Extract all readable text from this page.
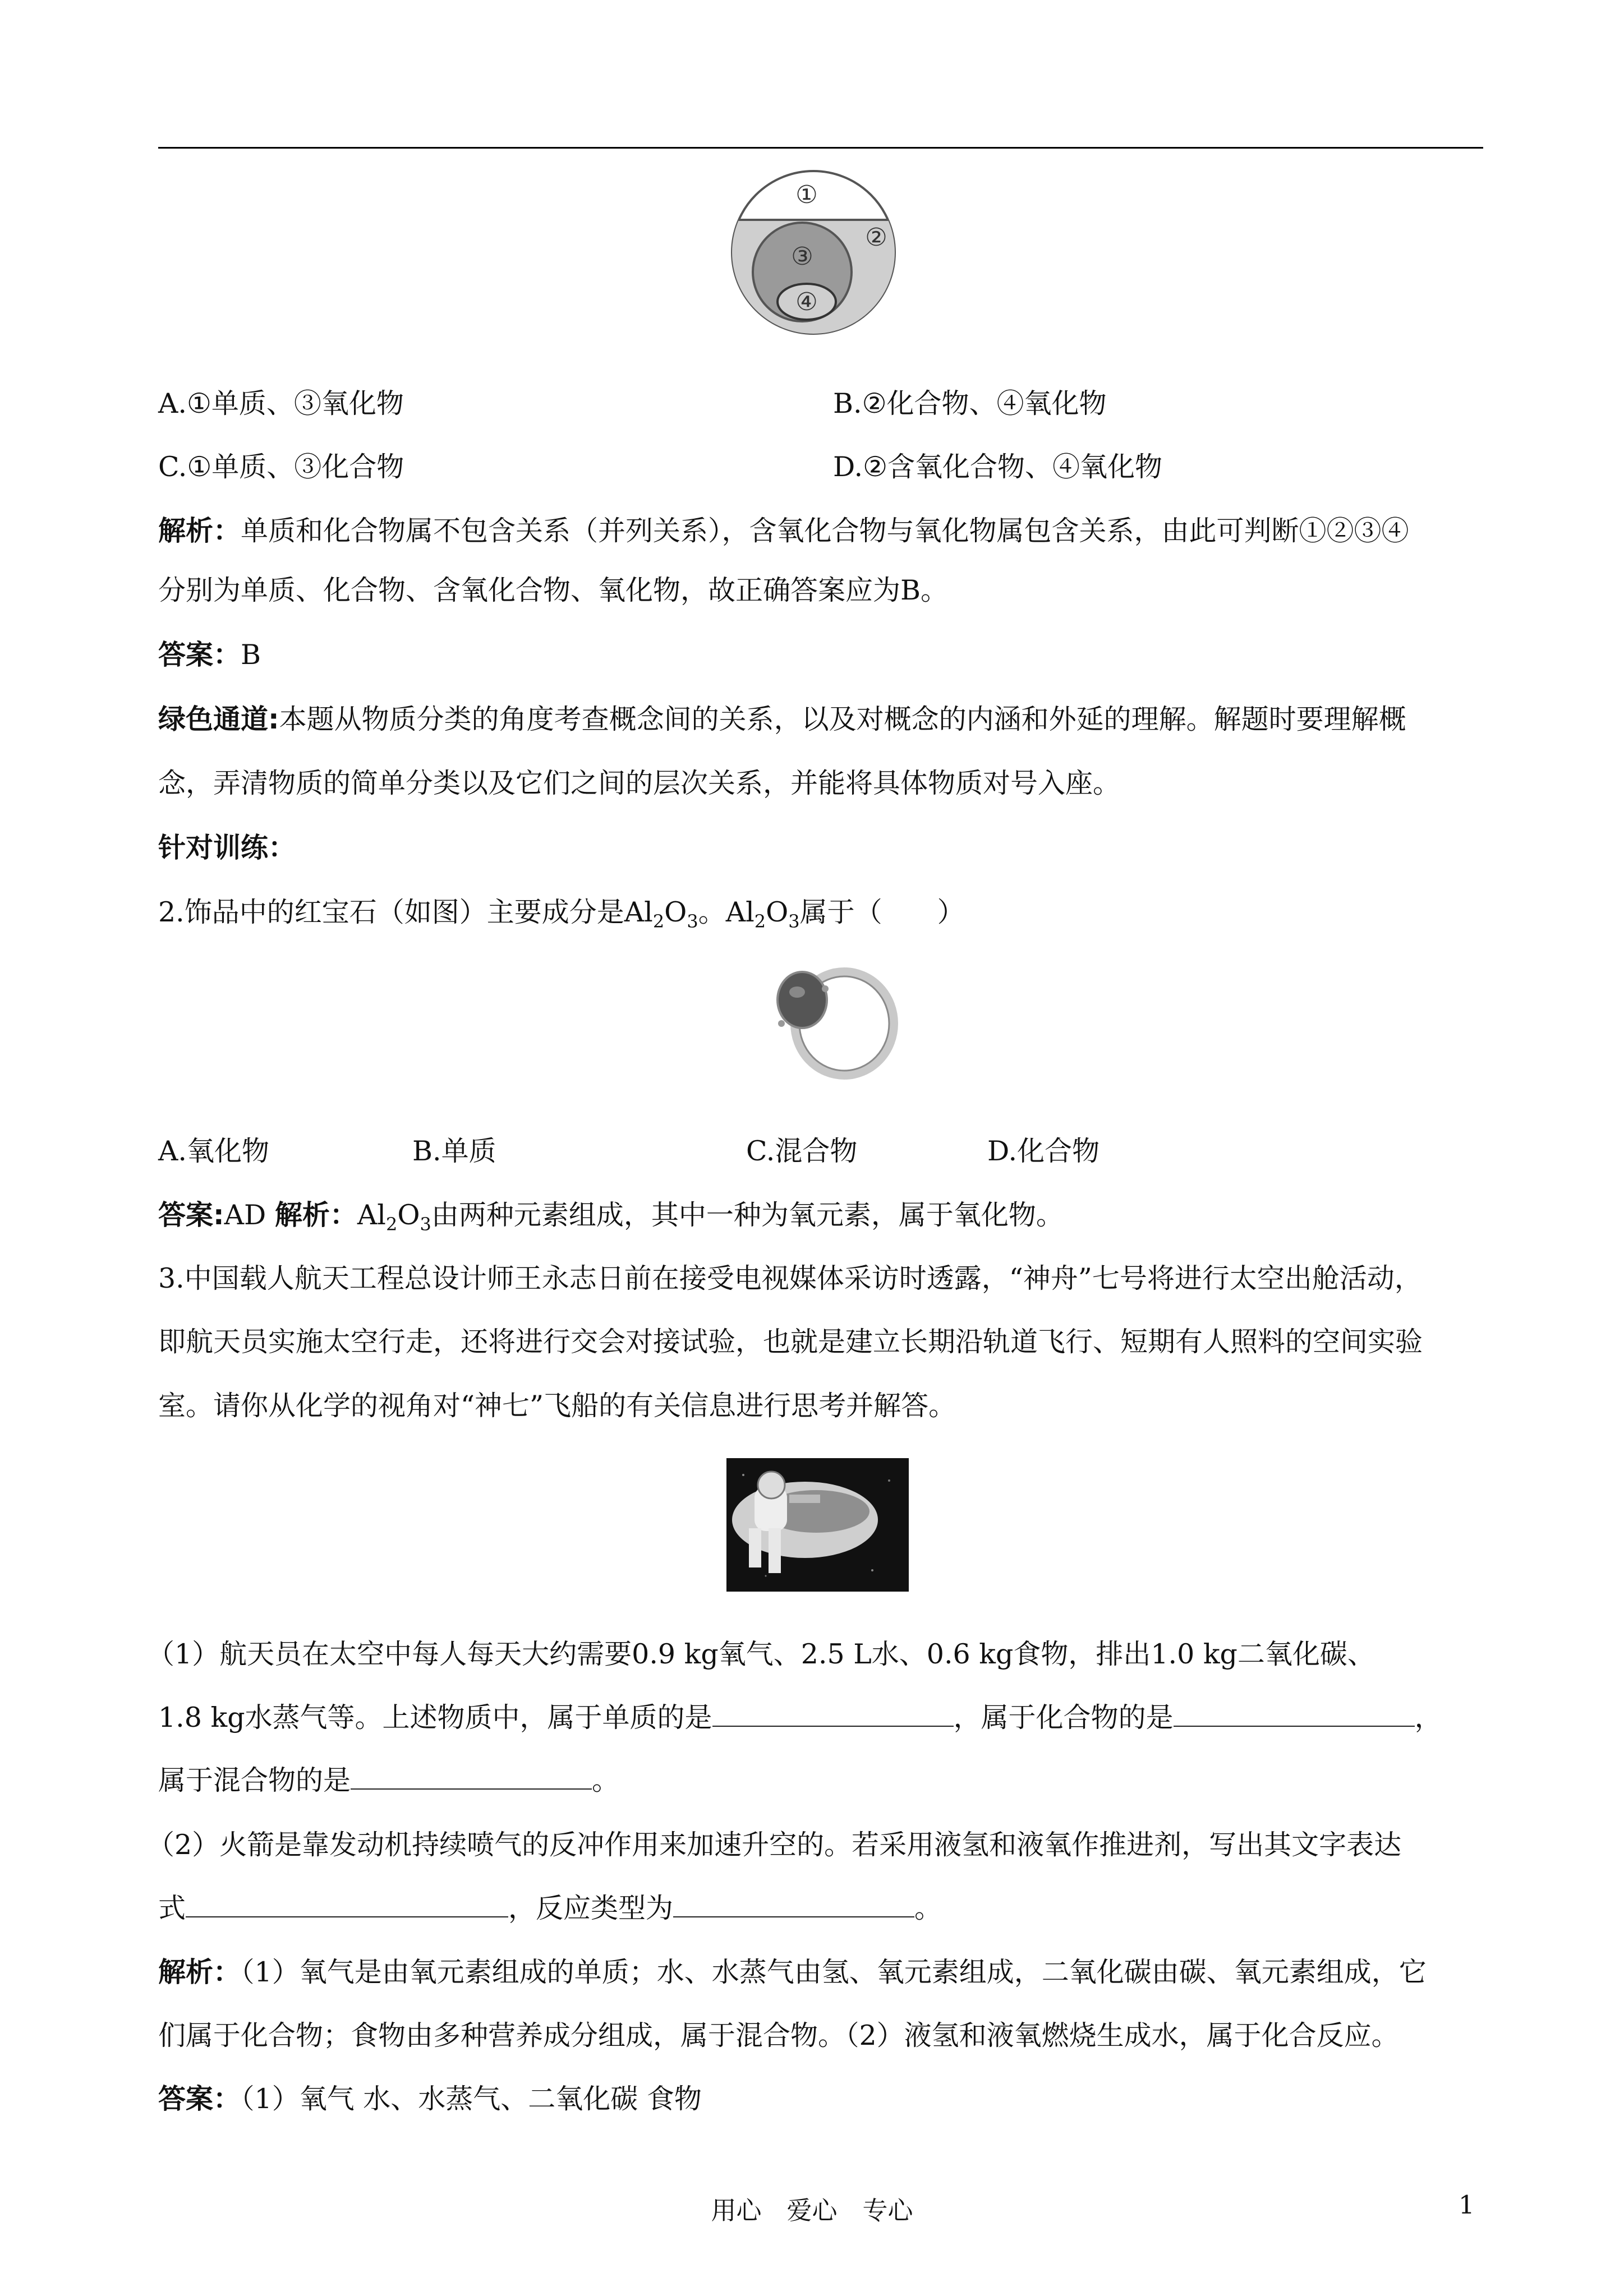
①
②
③
④
A.①单质、③氧化物	B.②化合物、④氧化物
C.①单质、③化合物	D.②含氧化合物、④氧化物
解析：单质和化合物属不包含关系（并列关系），含氧化合物与氧化物属包含关系，由此可判断①②③④
分别为单质、化合物、含氧化合物、氧化物，故正确答案应为B。
答案：B
绿色通道:本题从物质分类的角度考查概念间的关系，以及对概念的内涵和外延的理解。解题时要理解概
念，弄清物质的简单分类以及它们之间的层次关系，并能将具体物质对号入座。
针对训练：
2.饰品中的红宝石（如图）主要成分是$Al_2O_3$。$Al_2O_3$属于（　　）
A.氧化物	B.单质	C.混合物	D.化合物
答案:AD 解析：$Al_2O_3$由两种元素组成，其中一种为氧元素，属于氧化物。
3.中国载人航天工程总设计师王永志日前在接受电视媒体采访时透露，“神舟”七号将进行太空出舱活动，
即航天员实施太空行走，还将进行交会对接试验，也就是建立长期沿轨道飞行、短期有人照料的空间实验
室。请你从化学的视角对“神七”飞船的有关信息进行思考并解答。
（1）航天员在太空中每人每天大约需要0.9 kg氧气、2.5 L水、0.6 kg食物，排出1.0 kg二氧化碳、
1.8 kg水蒸气等。上述物质中，属于单质的是	，属于化合物的是	，
属于混合物的是	。
（2）火箭是靠发动机持续喷气的反冲作用来加速升空的。若采用液氢和液氧作推进剂，写出其文字表达
式	，反应类型为	。
解析：（1）氧气是由氧元素组成的单质；水、水蒸气由氢、氧元素组成，二氧化碳由碳、氧元素组成，它
们属于化合物；食物由多种营养成分组成，属于混合物。（2）液氢和液氧燃烧生成水，属于化合反应。
答案：（1）氧气 水、水蒸气、二氧化碳 食物
用心　爱心　专心	1
